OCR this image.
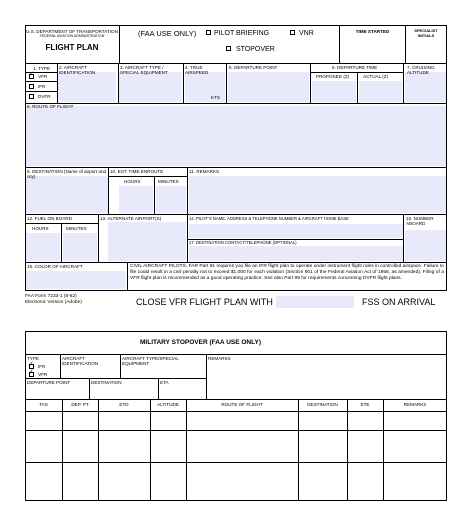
U.S. DEPARTMENT OF TRANSPORTATION
FEDERAL AVIATION ADMINISTRATION
FLIGHT PLAN
(FAA USE ONLY)	PILOT BRIEFING	VNR
STOPOVER
TIME STARTED	SPECIALIST INITIALS
1. TYPE
✓ VFR
IFR
DVFR
2. AIRCRAFT IDENTIFICATION
3. AIRCRAFT TYPE / SPECIAL EQUIPMENT
4. TRUE AIRSPEED
KTS
5. DEPARTURE POINT	6. DEPARTURE TIME
PROPOSED (Z)	ACTUAL (Z)
7. CRUISING ALTITUDE
8. ROUTE OF FLIGHT
9. DESTINATION (Name of airport and city)
10. EST. TIME ENROUTE
HOURS	MINUTES
11. REMARKS
12. FUEL ON BOARD
HOURS	MINUTES
13. ALTERNATE AIRPORT(S)	14. PILOT'S NAME, ADDRESS & TELEPHONE NUMBER & AIRCRAFT HOME BASE	15. NUMBER ABOARD
17. DESTINATION CONTACT/TELEPHONE (OPTIONAL)
16. COLOR OF AIRCRAFT	CIVIL AIRCRAFT PILOTS. FAR Part 91 requires you file an IFR flight plan to operate under instrument flight rules in controlled airspace. Failure to file could result in a civil penalty not to exceed $1,000 for each violation (Section 901 of the Federal Aviation Act of 1958, as amended). Filing of a VFR flight plan is recommended as a good operating practice. See also Part 99 for requirements concerning DVFR flight plans.
FAA Form 7233-1 (8-82)
Electronic Version (Adobe)	CLOSE VFR FLIGHT PLAN WITH	FSS ON ARRIVAL
MILITARY STOPOVER (FAA USE ONLY)
TYPE
✓ IFR
✓ VFR
AIRCRAFT IDENTIFICATION
AIRCRAFT TYPE/SPECIAL EQUIPMENT
REMARKS
DEPARTURE POINT	DESTINATION	ETA
TAS	DEP. PT	ETD	ALTITUDE	ROUTE OF FLIGHT	DESTINATION	ETE	REMARKS
